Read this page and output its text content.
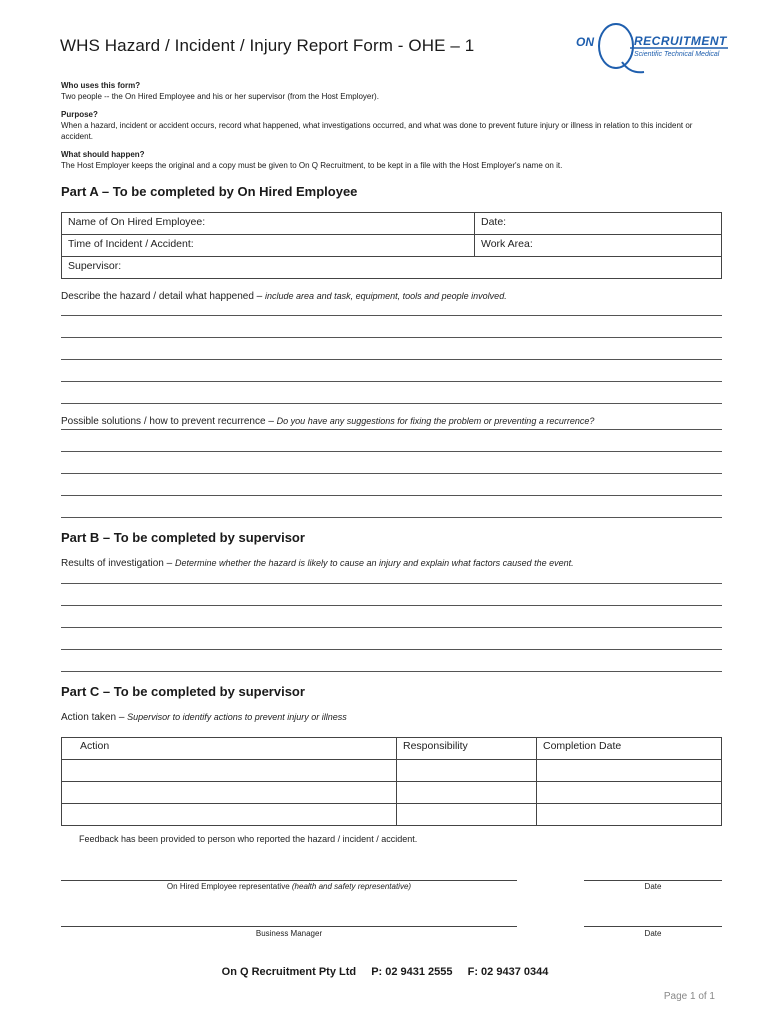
WHS Hazard / Incident / Injury Report Form - OHE – 1	ON	RECRUITMENT
Scientific Technical Medical
Who uses this form?
Two people -- the On Hired Employee and his or her supervisor (from the Host Employer).
Purpose?
When a hazard, incident or accident occurs, record what happened, what investigations occurred, and what was done to prevent future injury or illness in relation to this incident or accident.
What should happen?
The Host Employer keeps the original and a copy must be given to On Q Recruitment, to be kept in a file with the Host Employer's name on it.
Part A – To be completed by On Hired Employee
Name of On Hired Employee:	Date:
Time of Incident / Accident:	Work Area:
Supervisor:	
Describe the hazard / detail what happened – include area and task, equipment, tools and people involved.
Possible solutions / how to prevent recurrence – Do you have any suggestions for fixing the problem or preventing a recurrence?
Part B – To be completed by supervisor
Results of investigation – Determine whether the hazard is likely to cause an injury and explain what factors caused the event.
Part C – To be completed by supervisor
Action taken – Supervisor to identify actions to prevent injury or illness
Action	Responsibility	Completion Date

Feedback has been provided to person who reported the hazard / incident / accident.
On Hired Employee representative (health and safety representative)	Date
Business Manager	Date
On Q Recruitment Pty Ltd P: 02 9431 2555 F: 02 9437 0344
Page 1 of 1
